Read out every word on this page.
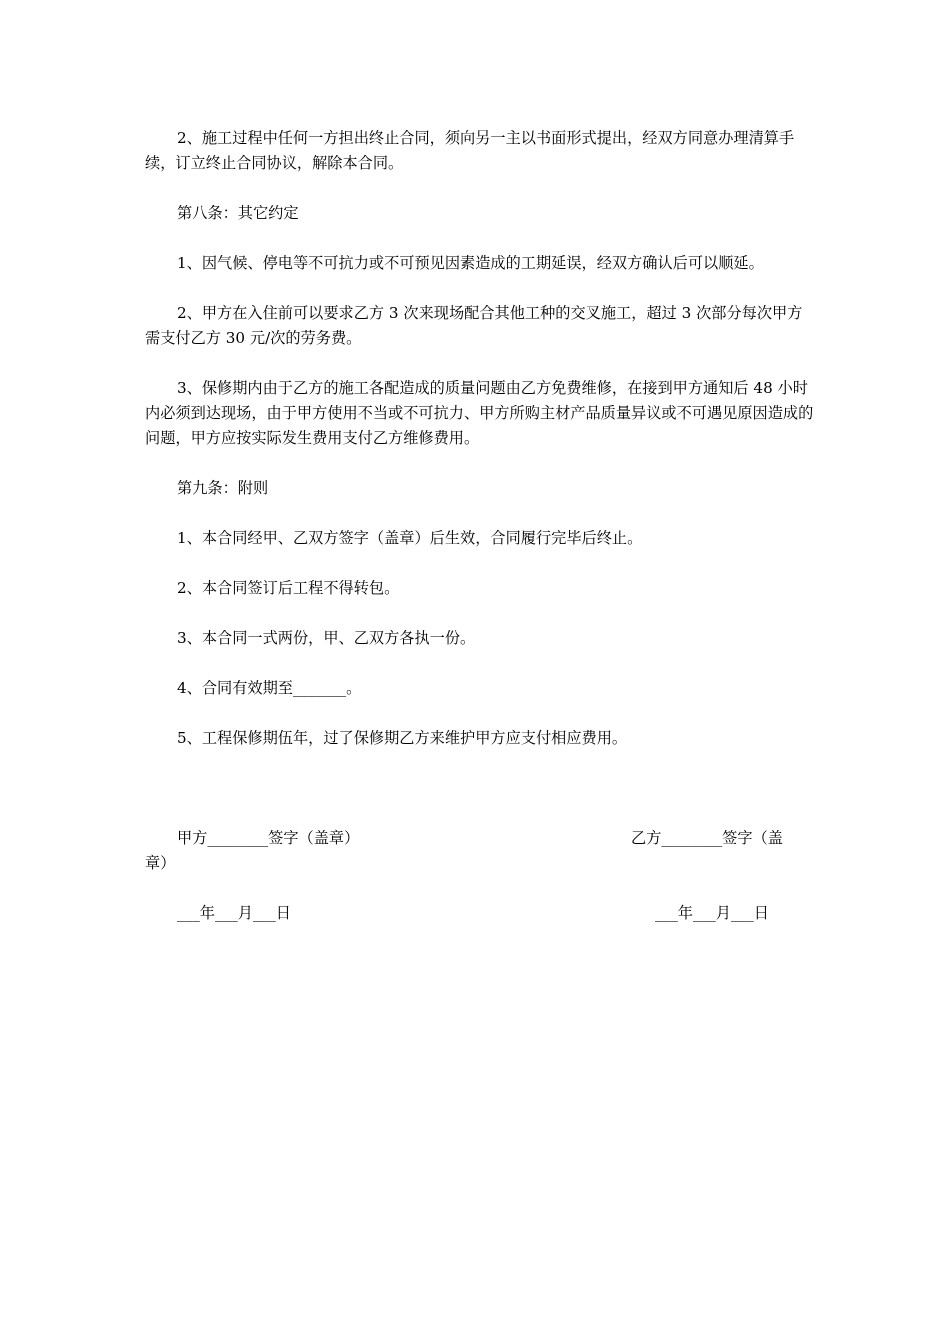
2、施工过程中任何一方担出终止合同，须向另一主以书面形式提出，经双方同意办理清算手续，订立终止合同协议，解除本合同。

第八条：其它约定

1、因气候、停电等不可抗力或不可预见因素造成的工期延误，经双方确认后可以顺延。

2、甲方在入住前可以要求乙方 3 次来现场配合其他工种的交叉施工，超过 3 次部分每次甲方需支付乙方 30 元/次的劳务费。

3、保修期内由于乙方的施工各配造成的质量问题由乙方免费维修，在接到甲方通知后 48 小时内必须到达现场，由于甲方使用不当或不可抗力、甲方所购主材产品质量异议或不可遇见原因造成的问题，甲方应按实际发生费用支付乙方维修费用。

第九条：附则

1、本合同经甲、乙双方签字（盖章）后生效，合同履行完毕后终止。

2、本合同签订后工程不得转包。

3、本合同一式两份，甲、乙双方各执一份。

4、合同有效期至_______。

5、工程保修期伍年，过了保修期乙方来维护甲方应支付相应费用。

甲方________签字（盖章）

	乙方________签字（盖

章）

___年___月___日

	___年___月___日
